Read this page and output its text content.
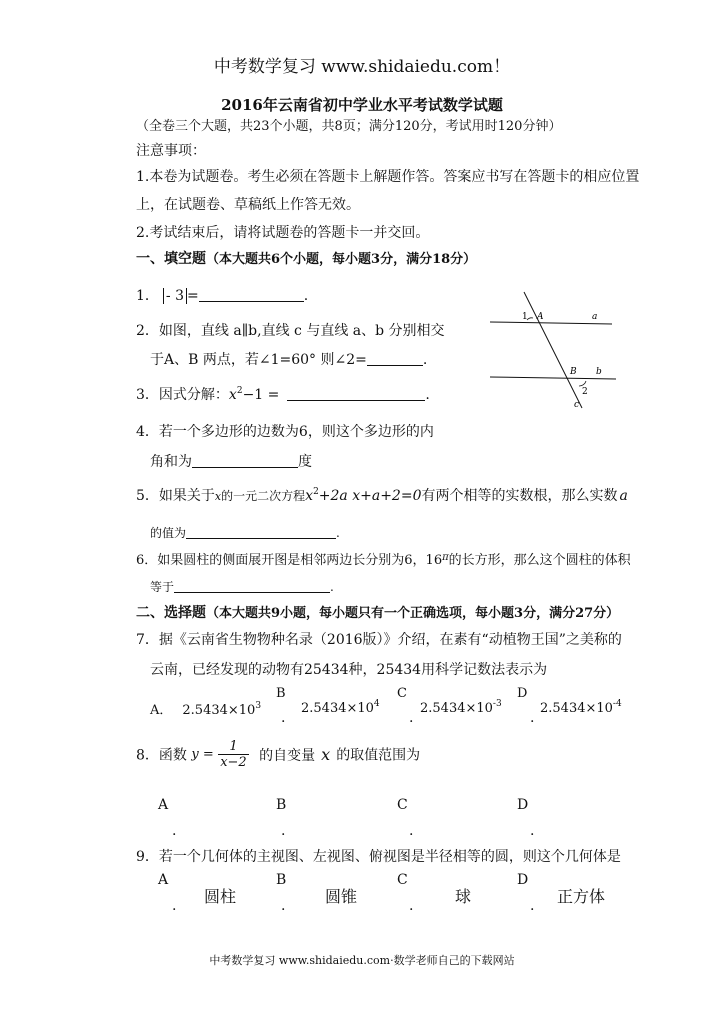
中考数学复习 www.shidaiedu.com！
2016年云南省初中学业水平考试数学试题
（全卷三个大题，共23个小题，共8页；满分120分，考试用时120分钟）
注意事项：
1.本卷为试题卷。考生必须在答题卡上解题作答。答案应书写在答题卡的相应位置
上，在试题卷、草稿纸上作答无效。
2.考试结束后，请将试题卷的答题卡一并交回。
一、填空题（本大题共6个小题，每小题3分，满分18分）
1． - 3 =	.
2．如图，直线 a∥b,直线 c 与直线 a、b 分别相交
于A、B 两点，若∠1=60° 则∠2=	.
1 A	a
B b
2
c
3．因式分解：$x^2-1$ =	.
4．若一个多边形的边数为6，则这个多边形的内
角和为	度
5．如果关于x的一元二次方程$x^2+2a$ x+a+2=0有两个相等的实数根，那么实数 a
的值为	.
6．如果圆柱的侧面展开图是相邻两边长分别为6，$16^\pi$的长方形，那么这个圆柱的体积
等于	.
二、选择题（本大题共9小题，每小题只有一个正确选项，每小题3分，满分27分）
7．据《云南省生物物种名录（2016版）》介绍，在素有“动植物王国”之美称的
云南，已经发现的动物有25434种，25434用科学记数法表示为
B	C	D
A． $2.5434\times 10^3$	$2.5434\times 10^4$	$2.5434\times 10^{-3}$	$2.5434\times 10^{-4}$
.	.	.
8．函数 $y = \frac{1}{x-2}$ 的自变量 x 的取值范围为
A	B	C	D
.	.	.	.
9．若一个几何体的主视图、左视图、俯视图是半径相等的圆，则这个几何体是
A	B	C	D
圆柱	圆锥	球	正方体
.	.	.	.
中考数学复习 www.shidaiedu.com·数学老师自己的下载网站
